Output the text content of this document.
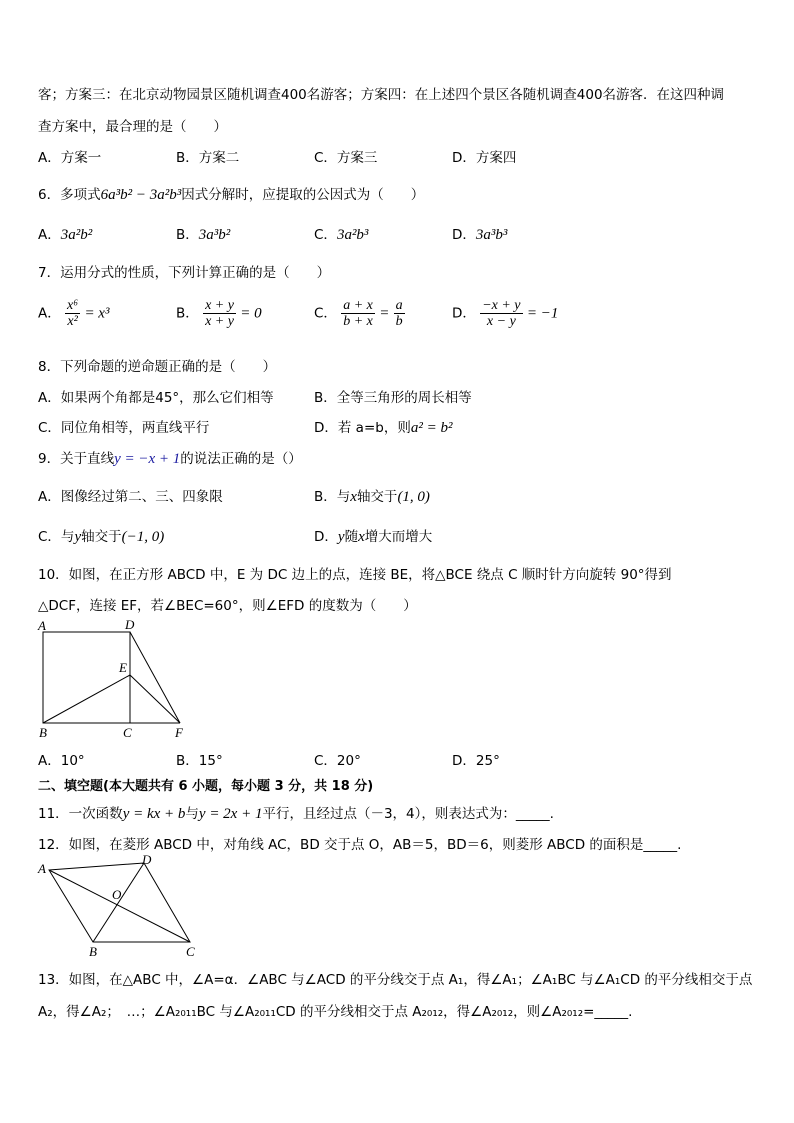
客；方案三：在北京动物园景区随机调查400名游客；方案四：在上述四个景区各随机调查400名游客．在这四种调
查方案中，最合理的是（　　）
A．方案一	B．方案二	C．方案三	D．方案四
6．多项式6a³b² − 3a²b³因式分解时，应提取的公因式为（　　）
A．3a²b²	B．3a³b²	C．3a²b³	D．3a³b³
7．运用分式的性质，下列计算正确的是（　　）
A． $\frac{\text{x⁶}}{\text{x²}} = x^3$	B． $\frac{x + y}{x + y} = 0$	C． $\frac{a + x}{b + x} = \frac{a}{b}$	D． $\frac{-x + y}{x - y} = -1$
8．下列命题的逆命题正确的是（　　）
A．如果两个角都是45°，那么它们相等	B．全等三角形的周长相等
C．同位角相等，两直线平行	D．若 a=b，则a² = b²
9．关于直线y = −x + 1的说法正确的是（）
A．图像经过第二、三、四象限	B．与x轴交于(1, 0)
C．与y轴交于(−1, 0)	D．y随x增大而增大
10．如图，在正方形 ABCD 中，E 为 DC 边上的点，连接 BE，将△BCE 绕点 C 顺时针方向旋转 90°得到
△DCF，连接 EF，若∠BEC=60°，则∠EFD 的度数为（　　）
A	D
E
B	C	F
A．10°	B．15°	C．20°	D．25°
二、填空题(本大题共有 6 小题，每小题 3 分，共 18 分)
11．一次函数y = kx + b与y = 2x + 1平行，且经过点（－3，4），则表达式为：_____.
12．如图，在菱形 ABCD 中，对角线 AC，BD 交于点 O，AB＝5，BD＝6，则菱形 ABCD 的面积是_____.
A
D
O
B	C
13．如图，在△ABC 中，∠A=α．∠ABC 与∠ACD 的平分线交于点 A₁，得∠A₁；∠A₁BC 与∠A₁CD 的平分线相交于点
A₂，得∠A₂；　…；∠A₂₀₁₁BC 与∠A₂₀₁₁CD 的平分线相交于点 A₂₀₁₂，得∠A₂₀₁₂，则∠A₂₀₁₂=_____.
